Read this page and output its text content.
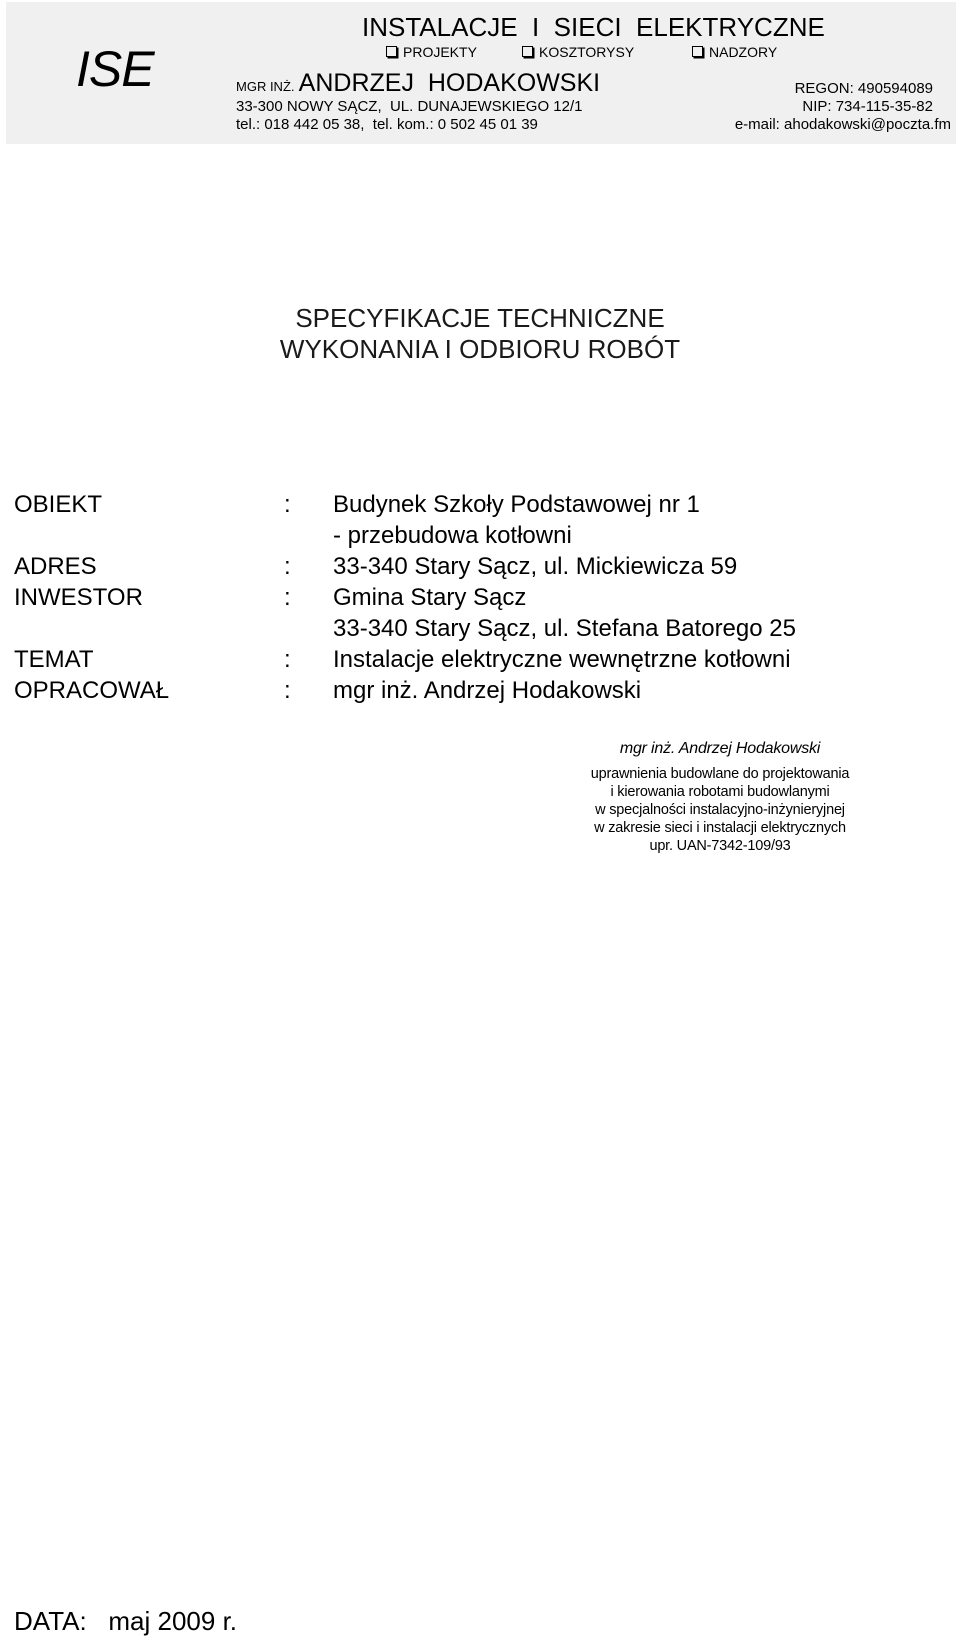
ISE
INSTALACJE  I  SIECI  ELEKTRYCZNE
PROJEKTY	KOSZTORYSY	NADZORY
MGR INŻ. ANDRZEJ  HODAKOWSKI
33-300 NOWY SĄCZ,  UL. DUNAJEWSKIEGO 12/1
tel.: 018 442 05 38,  tel. kom.: 0 502 45 01 39
REGON: 490594089
NIP: 734-115-35-82
e-mail: ahodakowski@poczta.fm
SPECYFIKACJE TECHNICZNE
WYKONANIA I ODBIORU ROBÓT
OBIEKT	: Budynek Szkoły Podstawowej nr 1
- przebudowa kotłowni
ADRES	: 33-340 Stary Sącz, ul. Mickiewicza 59
INWESTOR	: Gmina Stary Sącz
33-340 Stary Sącz, ul. Stefana Batorego 25
TEMAT	: Instalacje elektryczne wewnętrzne kotłowni
OPRACOWAŁ	: mgr inż. Andrzej Hodakowski
mgr inż. Andrzej Hodakowski
uprawnienia budowlane do projektowania
i kierowania robotami budowlanymi
w specjalności instalacyjno-inżynieryjnej
w zakresie sieci i instalacji elektrycznych
upr. UAN-7342-109/93
DATA: maj 2009 r.
